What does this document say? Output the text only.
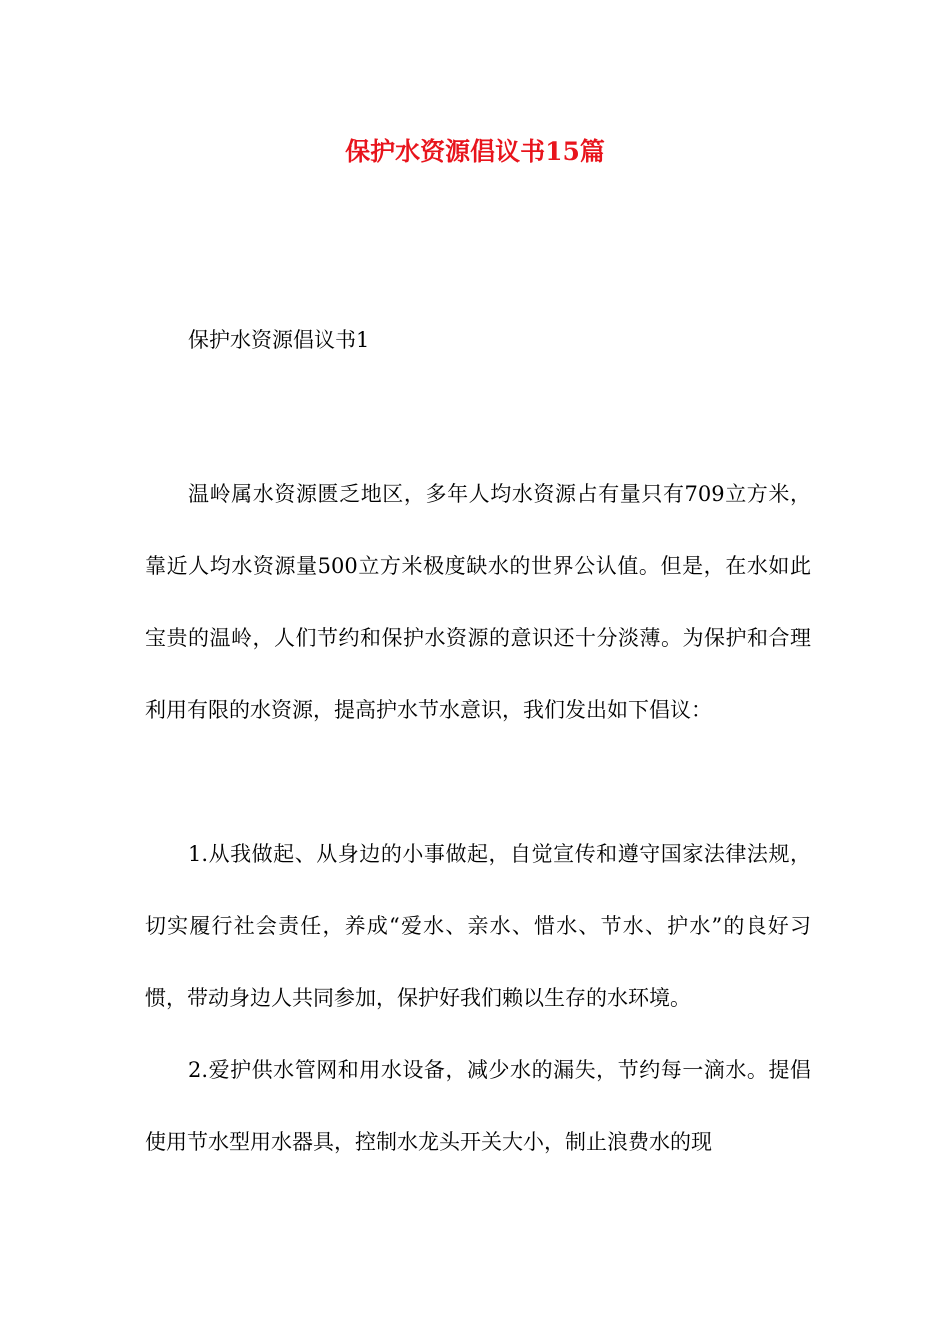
保护水资源倡议书15篇

保护水资源倡议书1

温岭属水资源匮乏地区，多年人均水资源占有量只有709立方米，靠近人均水资源量500立方米极度缺水的世界公认值。但是，在水如此宝贵的温岭，人们节约和保护水资源的意识还十分淡薄。为保护和合理利用有限的水资源，提高护水节水意识，我们发出如下倡议：

1.从我做起、从身边的小事做起，自觉宣传和遵守国家法律法规，切实履行社会责任，养成“爱水、亲水、惜水、节水、护水”的良好习惯，带动身边人共同参加，保护好我们赖以生存的水环境。

2.爱护供水管网和用水设备，减少水的漏失，节约每一滴水。提倡使用节水型用水器具，控制水龙头开关大小，制止浪费水的现
